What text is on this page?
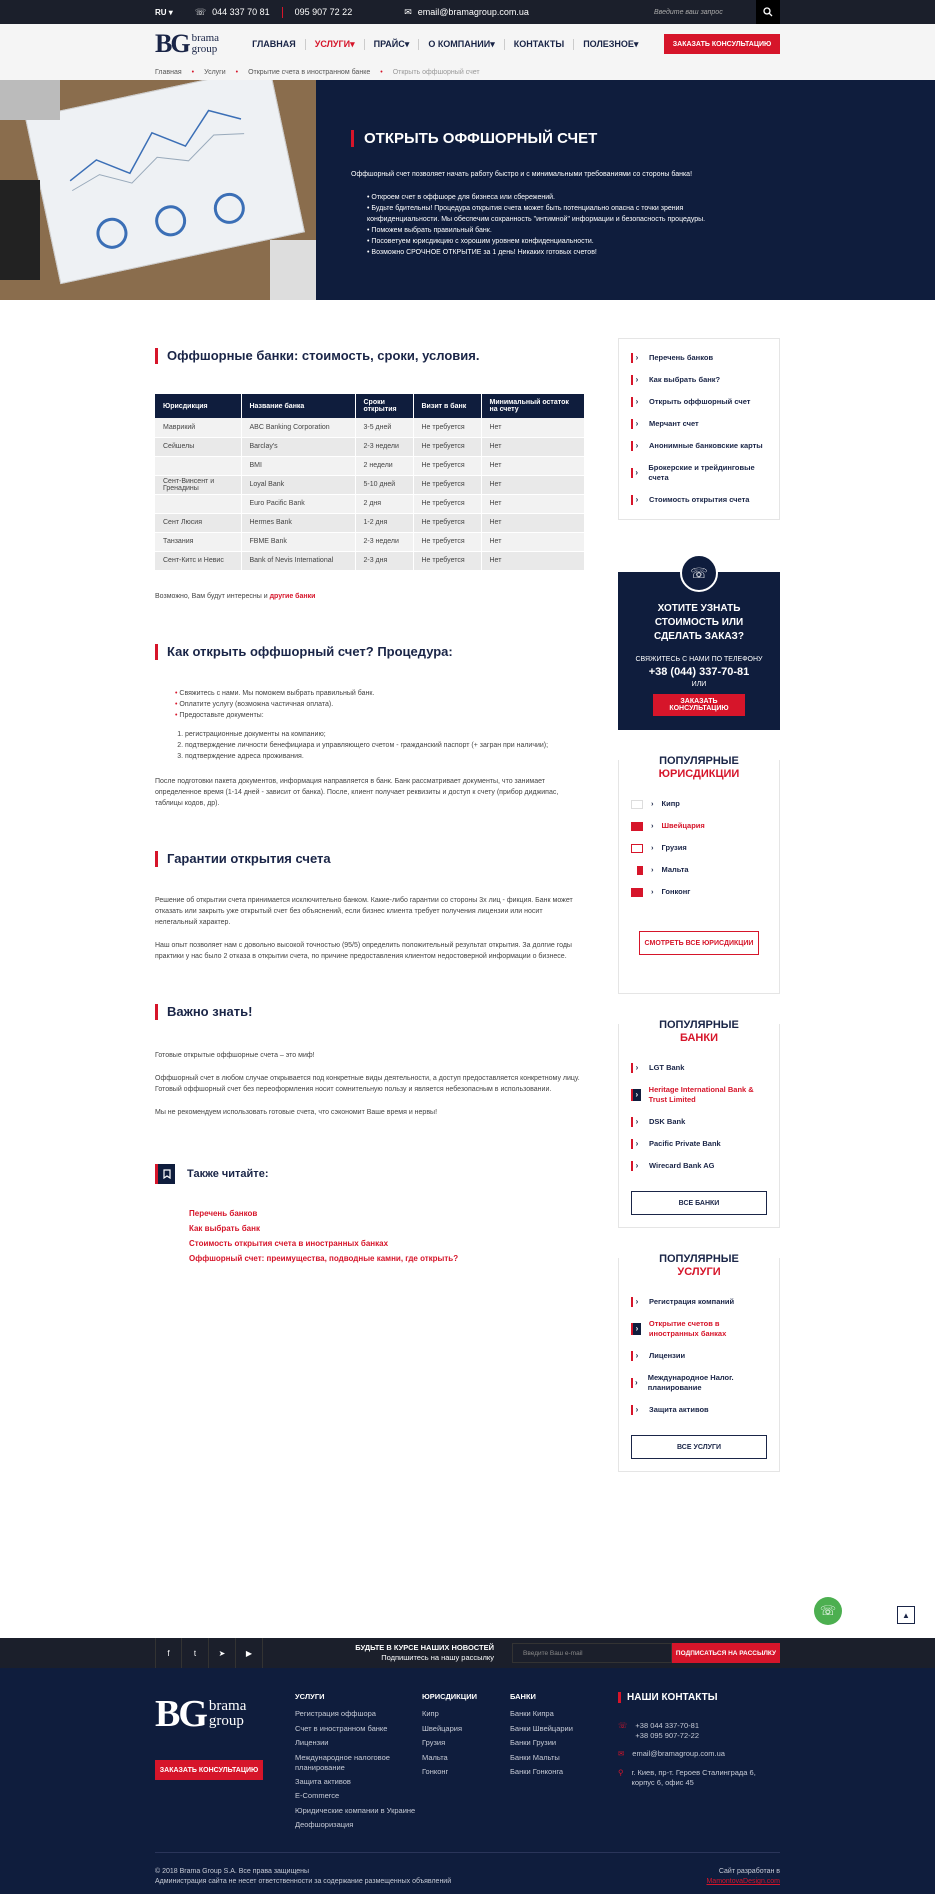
RU ▾ ☏ 044 337 70 81	095 907 72 22	✉ email@bramagroup.com.ua	Введите ваш запрос
BG brama
group	ГЛАВНАЯ	УСЛУГИ▾	ПРАЙС▾	О КОМПАНИИ▾	КОНТАКТЫ	ПОЛЕЗНОЕ▾	ЗАКАЗАТЬ КОНСУЛЬТАЦИЮ
Главная • Услуги • Открытие счета в иностранном банке • Открыть оффшорный счет
ОТКРЫТЬ ОФФШОРНЫЙ СЧЕТ
Оффшорный счет позволяет начать работу быстро и с минимальными требованиями со стороны банка!
• Откроем счет в оффшоре для бизнеса или сбережений.
• Будьте бдительны! Процедура открытия счета может быть потенциально опасна с точки зрения конфиденциальности. Мы обеспечим сохранность "интимной" информации и безопасность процедуры.
• Поможем выбрать правильный банк.
• Посоветуем юрисдикцию с хорошим уровнем конфиденциальности.
• Возможно СРОЧНОЕ ОТКРЫТИЕ за 1 день! Никаких готовых счетов!
Оффшорные банки: стоимость, сроки, условия.
Юрисдикция	Название банка	Сроки открытия	Визит в банк	Минимальный остаток на счету
Маврикий	ABC Banking Corporation	3-5 дней	Не требуется	Нет
Сейшелы	Barclay's	2-3 недели	Не требуется	Нет
	BMI	2 недели	Не требуется	Нет
Сент-Винсент и Гренадины	Loyal Bank	5-10 дней	Не требуется	Нет
	Euro Pacific Bank	2 дня	Не требуется	Нет
Сент Люсия	Hermes Bank	1-2 дня	Не требуется	Нет
Танзания	FBME Bank	2-3 недели	Не требуется	Нет
Сент-Китс и Невис	Bank of Nevis International	2-3 дня	Не требуется	Нет

Возможно, Вам будут интересны и другие банки

Как открыть оффшорный счет? Процедура:
• Свяжитесь с нами. Мы поможем выбрать правильный банк.
• Оплатите услугу (возможна частичная оплата).
• Предоставьте документы:
1. регистрационные документы на компанию;
2. подтверждение личности бенефициара и управляющего счетом - гражданский паспорт (+ загран при наличии);
3. подтверждение адреса проживания.

После подготовки пакета документов, информация направляется в банк. Банк рассматривает документы, что занимает определенное время (1-14 дней - зависит от банка). После, клиент получает реквизиты и доступ к счету (прибор диджипас, таблицы кодов, др).

Гарантии открытия счета

Решение об открытии счета принимается исключительно банком. Какие-либо гарантии со стороны 3х лиц - фикция. Банк может отказать или закрыть уже открытый счет без объяснений, если бизнес клиента требует получения лицензии или носит нелегальный характер.

Наш опыт позволяет нам с довольно высокой точностью (95/5) определить положительный результат открытия. За долгие годы практики у нас было 2 отказа в открытии счета, по причине предоставления клиентом недостоверной информации о бизнесе.

Важно знать!

Готовые открытые оффшорные счета – это миф!

Оффшорный счет в любом случае открывается под конкретные виды деятельности, а доступ предоставляется конкретному лицу. Готовый оффшорный счет без переоформления носит сомнительную пользу и является небезопасным в использовании.

Мы не рекомендуем использовать готовые счета, что сэкономит Ваше время и нервы!

Также читайте:
Перечень банков
Как выбрать банк
Стоимость открытия счета в иностранных банках
Оффшорный счет: преимущества, подводные камни, где открыть?
›	Перечень банков
›	Как выбрать банк?
›	Открыть оффшорный счет
›	Мерчант счет
›	Анонимные банковские карты
›
Брокерские и трейдинговые счета
›	Стоимость открытия счета
☏
ХОТИТЕ УЗНАТЬ СТОИМОСТЬ ИЛИ СДЕЛАТЬ ЗАКАЗ?
СВЯЖИТЕСЬ С НАМИ ПО ТЕЛЕФОНУ
+38 (044) 337-70-81
ИЛИ
ЗАКАЗАТЬ КОНСУЛЬТАЦИЮ
ПОПУЛЯРНЫЕ
ЮРИСДИКЦИИ
› Кипр
› Швейцария
› Грузия
› Мальта
› Гонконг
СМОТРЕТЬ ВСЕ ЮРИСДИКЦИИ
ПОПУЛЯРНЫЕ
БАНКИ
›	LGT Bank
›
Heritage International Bank & Trust Limited
›	DSK Bank
›	Pacific Private Bank
›	Wirecard Bank AG
ВСЕ БАНКИ
ПОПУЛЯРНЫЕ
УСЛУГИ
›	Регистрация компаний
›
Открытие счетов в иностранных банках
›	Лицензии
›
Международное Налог. планирование
›	Защита активов
ВСЕ УСЛУГИ
☏	▲
f	t	➤	▶
БУДЬТЕ В КУРСЕ НАШИХ НОВОСТЕЙ
Подпишитесь на нашу рассылку	Введите Ваш e-mail	ПОДПИСАТЬСЯ НА РАССЫЛКУ
BG brama
group
ЗАКАЗАТЬ КОНСУЛЬТАЦИЮ
УСЛУГИ
Регистрация оффшора
Счет в иностранном банке
Лицензии
Международное налоговое планирование
Защита активов
E-Commerce
Юридические компании в Украине
Деофшоризация
ЮРИСДИКЦИИ
Кипр
Швейцария
Грузия
Мальта
Гонконг
БАНКИ
Банки Кипра
Банки Швейцарии
Банки Грузии
Банки Мальты
Банки Гонконга
НАШИ КОНТАКТЫ
☏ +38 044 337-70-81
+38 095 907-72-22
✉ email@bramagroup.com.ua
⚲ г. Киев, пр-т. Героев Сталинграда 6, корпус 6, офис 45
© 2018 Brama Group S.A. Все права защищены
Администрация сайта не несет ответственности за содержание размещенных объявлений
Сайт разработан в
MamontovaDesign.com
